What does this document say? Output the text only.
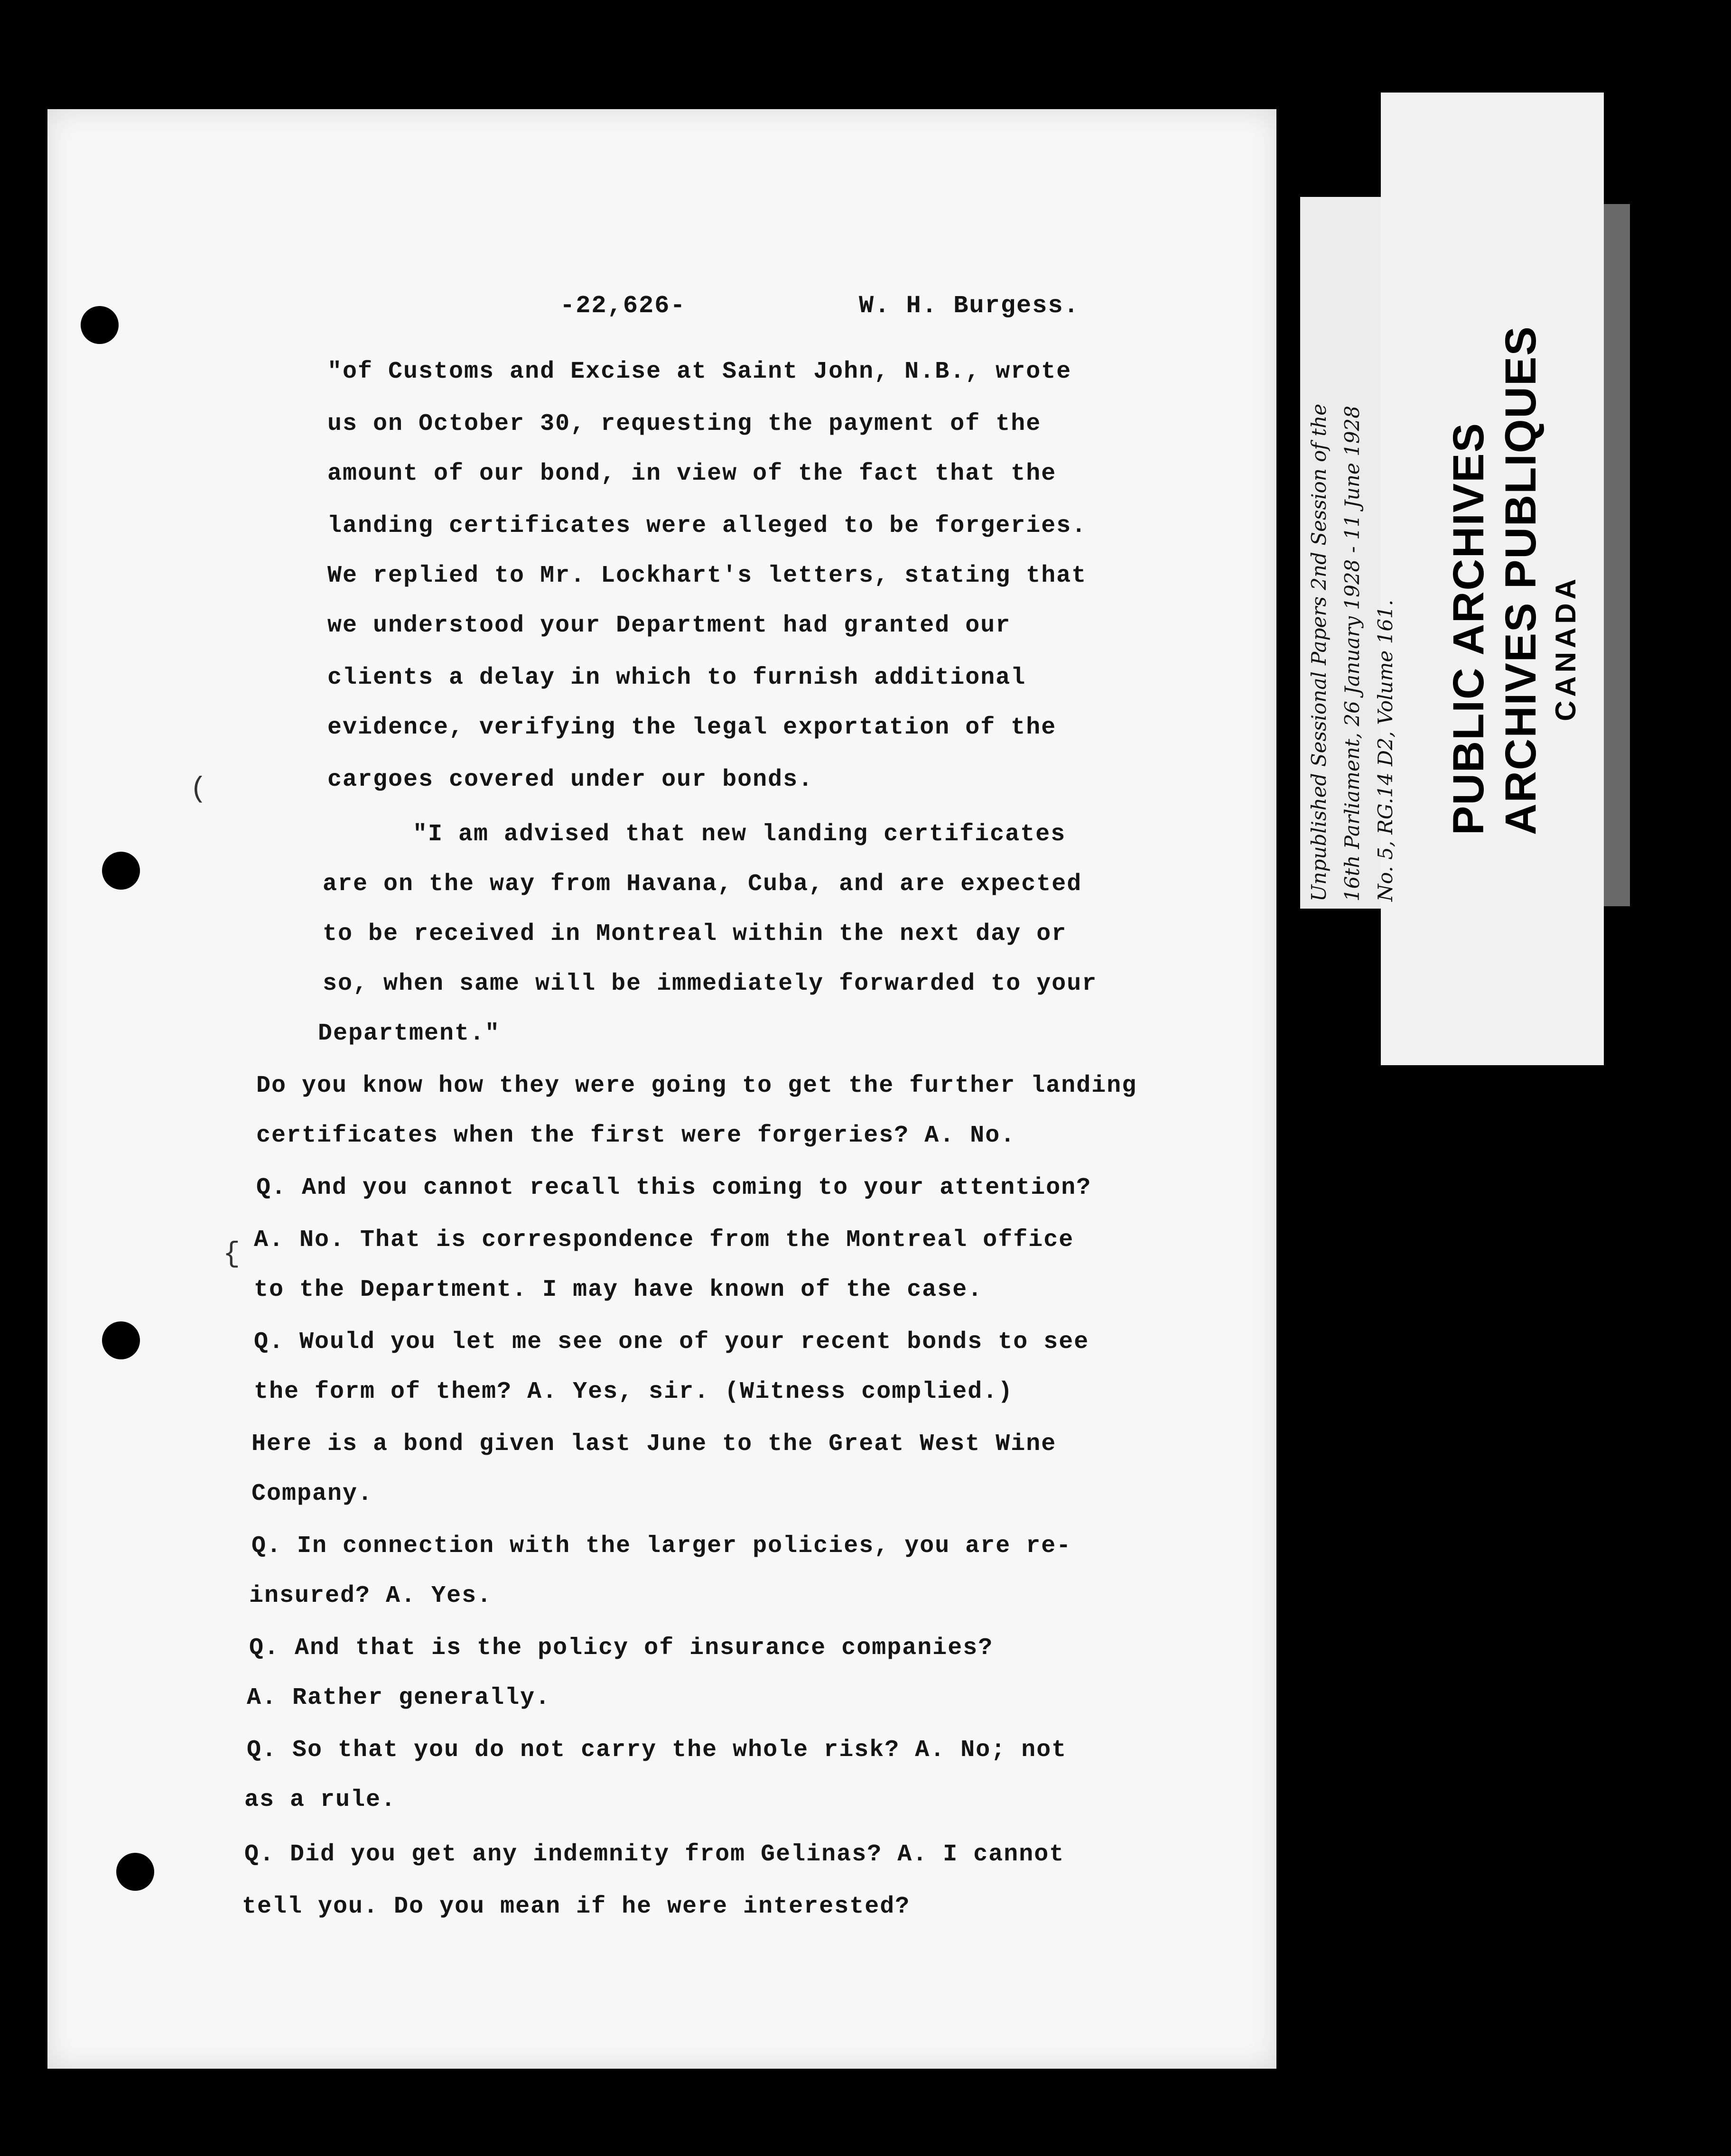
-22,626-	W. H. Burgess.
(
{
"of Customs and Excise at Saint John, N.B., wrote
us on October 30, requesting the payment of the
amount of our bond, in view of the fact that the
landing certificates were alleged to be forgeries.
We replied to Mr. Lockhart's letters, stating that
we understood your Department had granted our
clients a delay in which to furnish additional
evidence, verifying the legal exportation of the
cargoes covered under our bonds.
"I am advised that new landing certificates
are on the way from Havana, Cuba, and are expected
to be received in Montreal within the next day or
so, when same will be immediately forwarded to your
Department."
Do you know how they were going to get the further landing
certificates when the first were forgeries? A. No.
Q. And you cannot recall this coming to your attention?
A. No. That is correspondence from the Montreal office
to the Department. I may have known of the case.
Q. Would you let me see one of your recent bonds to see
the form of them? A. Yes, sir. (Witness complied.)
Here is a bond given last June to the Great West Wine
Company.
Q. In connection with the larger policies, you are re-
insured? A. Yes.
Q. And that is the policy of insurance companies?
A. Rather generally.
Q. So that you do not carry the whole risk? A. No; not
as a rule.
Q. Did you get any indemnity from Gelinas? A. I cannot
tell you. Do you mean if he were interested?
Unpublished Sessional Papers 2nd Session of the 16th Parliament, 26 January 1928 - 11 June 1928 No. 5, RG.14 D2, Volume 161. PUBLIC ARCHIVES ARCHIVES PUBLIQUES CANADA
